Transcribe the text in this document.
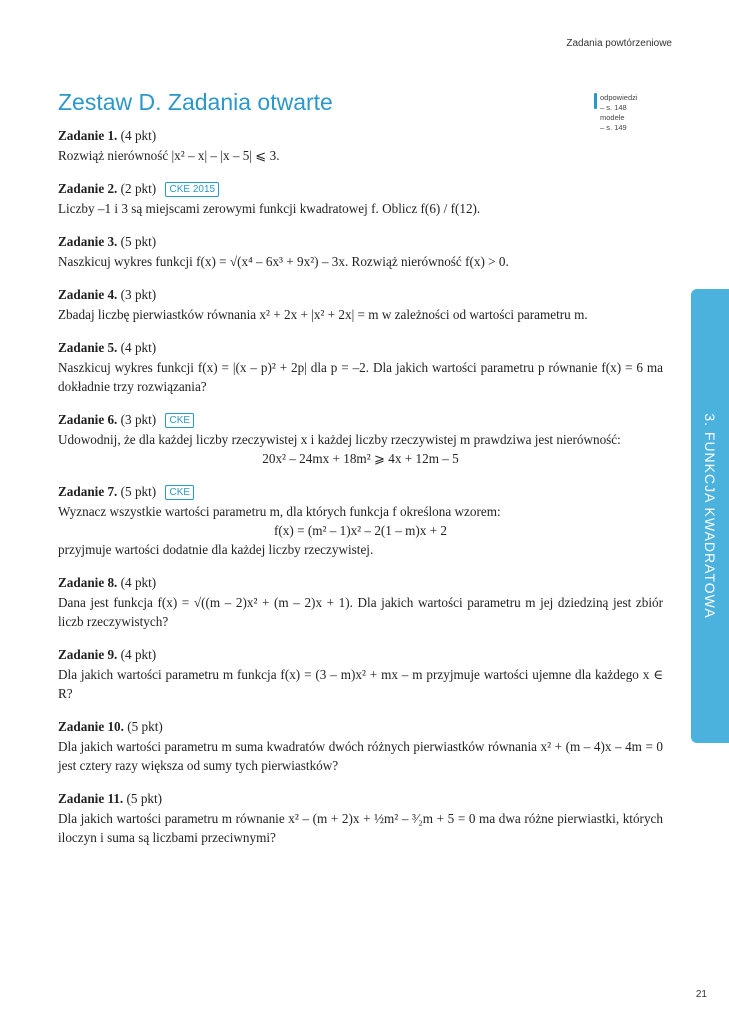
Zadania powtórzeniowe
Zestaw D. Zadania otwarte	odpowiedzi
– s. 148
modele
– s. 149
3. FUNKCJA KWADRATOWA
Zadanie 1. (4 pkt)
Rozwiąż nierówność |x² – x| – |x – 5| ⩽ 3.
Zadanie 2. (2 pkt) CKE 2015
Liczby –1 i 3 są miejscami zerowymi funkcji kwadratowej f. Oblicz f(6) / f(12).
Zadanie 3. (5 pkt)
Naszkicuj wykres funkcji f(x) = √(x⁴ – 6x³ + 9x²) – 3x. Rozwiąż nierówność f(x) > 0.
Zadanie 4. (3 pkt)
Zbadaj liczbę pierwiastków równania x² + 2x + |x² + 2x| = m w zależności od wartości parametru m.
Zadanie 5. (4 pkt)
Naszkicuj wykres funkcji f(x) = |(x – p)² + 2p| dla p = –2. Dla jakich wartości parametru p równanie f(x) = 6 ma dokładnie trzy rozwiązania?
Zadanie 6. (3 pkt) CKE
Udowodnij, że dla każdej liczby rzeczywistej x i każdej liczby rzeczywistej m prawdziwa jest nierówność:
20x² – 24mx + 18m² ⩾ 4x + 12m – 5
Zadanie 7. (5 pkt) CKE
Wyznacz wszystkie wartości parametru m, dla których funkcja f określona wzorem:
f(x) = (m² – 1)x² – 2(1 – m)x + 2
przyjmuje wartości dodatnie dla każdej liczby rzeczywistej.
Zadanie 8. (4 pkt)
Dana jest funkcja f(x) = √((m – 2)x² + (m – 2)x + 1). Dla jakich wartości parametru m jej dziedziną jest zbiór liczb rzeczywistych?
Zadanie 9. (4 pkt)
Dla jakich wartości parametru m funkcja f(x) = (3 – m)x² + mx – m przyjmuje wartości ujemne dla każdego x ∈ R?
Zadanie 10. (5 pkt)
Dla jakich wartości parametru m suma kwadratów dwóch różnych pierwiastków równania x² + (m – 4)x – 4m = 0 jest cztery razy większa od sumy tych pierwiastków?
Zadanie 11. (5 pkt)
Dla jakich wartości parametru m równanie x² – (m + 2)x + ½m² – ³⁄₂m + 5 = 0 ma dwa różne pierwiastki, których iloczyn i suma są liczbami przeciwnymi?
21
